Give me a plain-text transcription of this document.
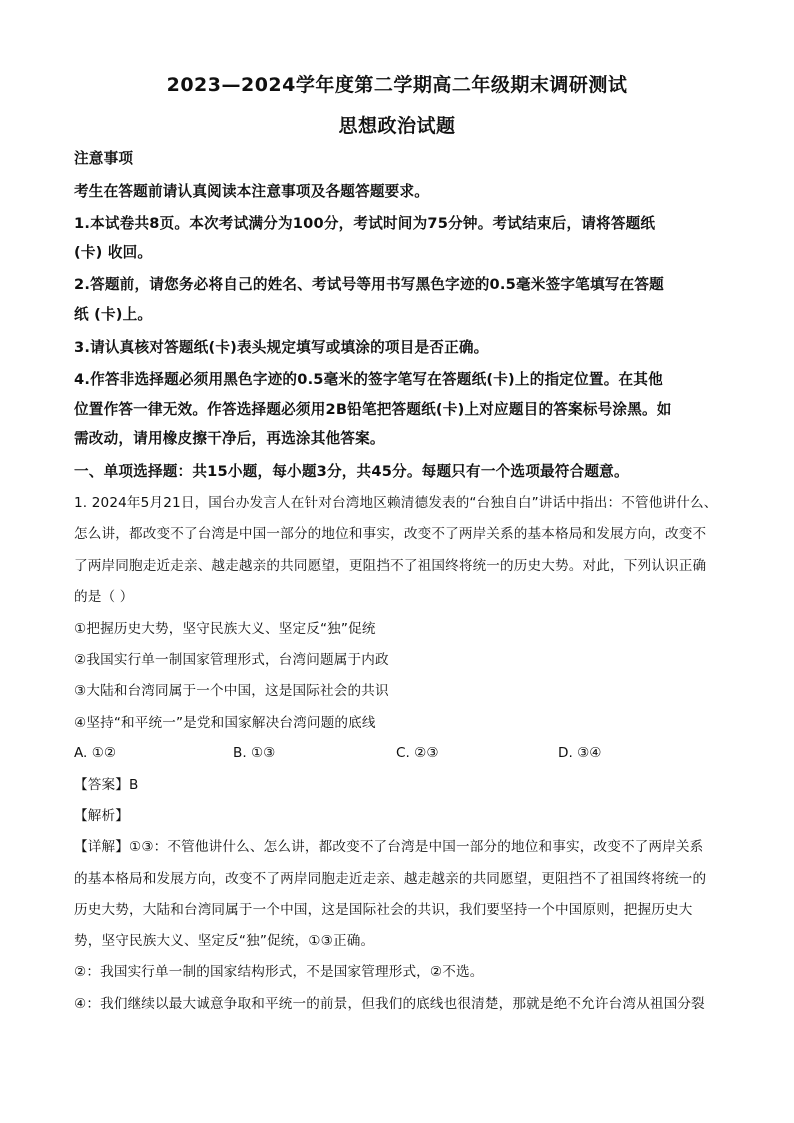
2023—2024学年度第二学期高二年级期末调研测试
思想政治试题
注意事项
考生在答题前请认真阅读本注意事项及各题答题要求。
1.本试卷共8页。本次考试满分为100分，考试时间为75分钟。考试结束后，请将答题纸
(卡) 收回。
2.答题前，请您务必将自己的姓名、考试号等用书写黑色字迹的0.5毫米签字笔填写在答题
纸 (卡)上。
3.请认真核对答题纸(卡)表头规定填写或填涂的项目是否正确。
4.作答非选择题必须用黑色字迹的0.5毫米的签字笔写在答题纸(卡)上的指定位置。在其他
位置作答一律无效。作答选择题必须用2B铅笔把答题纸(卡)上对应题目的答案标号涂黑。如
需改动，请用橡皮擦干净后，再选涂其他答案。
一、单项选择题：共15小题，每小题3分，共45分。每题只有一个选项最符合题意。
1. 2024年5月21日，国台办发言人在针对台湾地区赖清德发表的“台独自白”讲话中指出：不管他讲什么、
怎么讲，都改变不了台湾是中国一部分的地位和事实，改变不了两岸关系的基本格局和发展方向，改变不
了两岸同胞走近走亲、越走越亲的共同愿望，更阻挡不了祖国终将统一的历史大势。对此，下列认识正确
的是（ ）
①把握历史大势，坚守民族大义、坚定反“独”促统
②我国实行单一制国家管理形式，台湾问题属于内政
③大陆和台湾同属于一个中国，这是国际社会的共识
④坚持“和平统一”是党和国家解决台湾问题的底线
A. ①②	B. ①③	C. ②③	D. ③④
【答案】B
【解析】
【详解】①③：不管他讲什么、怎么讲，都改变不了台湾是中国一部分的地位和事实，改变不了两岸关系
的基本格局和发展方向，改变不了两岸同胞走近走亲、越走越亲的共同愿望，更阻挡不了祖国终将统一的
历史大势，大陆和台湾同属于一个中国，这是国际社会的共识，我们要坚持一个中国原则，把握历史大
势，坚守民族大义、坚定反“独”促统，①③正确。
②：我国实行单一制的国家结构形式，不是国家管理形式，②不选。
④：我们继续以最大诚意争取和平统一的前景，但我们的底线也很清楚，那就是绝不允许台湾从祖国分裂
